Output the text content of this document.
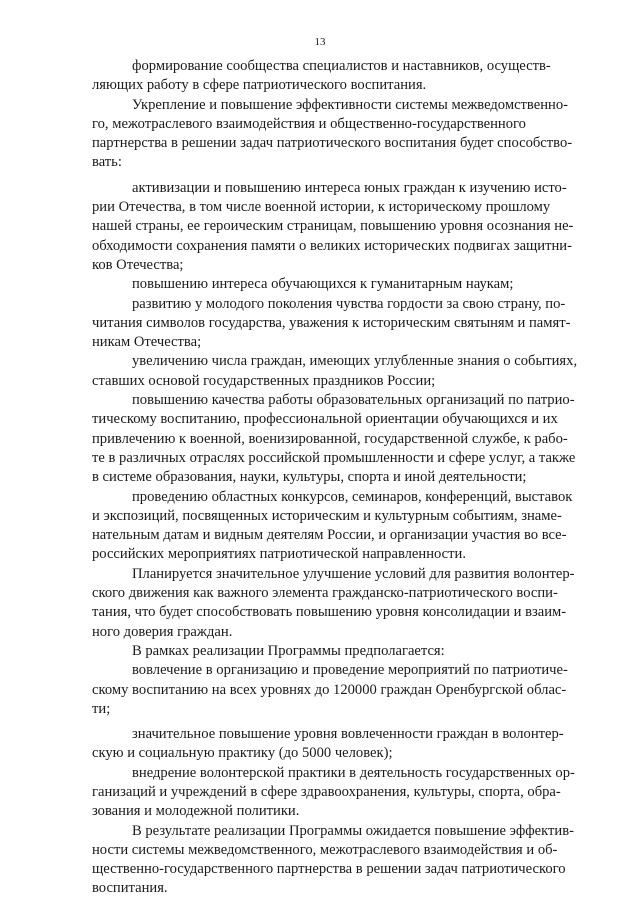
13

формирование сообщества специалистов и наставников, осуществ-
ляющих работу в сфере патриотического воспитания.

Укрепление и повышение эффективности системы межведомственно-
го, межотраслевого взаимодействия и общественно-государственного
партнерства в решении задач патриотического воспитания будет способство-
вать:

активизации и повышению интереса юных граждан к изучению исто-
рии Отечества, в том числе военной истории, к историческому прошлому
нашей страны, ее героическим страницам, повышению уровня осознания не-
обходимости сохранения памяти о великих исторических подвигах защитни-
ков Отечества;

повышению интереса обучающихся к гуманитарным наукам;

развитию у молодого поколения чувства гордости за свою страну, по-
читания символов государства, уважения к историческим святыням и памят-
никам Отечества;

увеличению числа граждан, имеющих углубленные знания о событиях,
ставших основой государственных праздников России;

повышению качества работы образовательных организаций по патрио-
тическому воспитанию, профессиональной ориентации обучающихся и их
привлечению к военной, военизированной, государственной службе, к рабо-
те в различных отраслях российской промышленности и сфере услуг, а также
в системе образования, науки, культуры, спорта и иной деятельности;

проведению областных конкурсов, семинаров, конференций, выставок
и экспозиций, посвященных историческим и культурным событиям, знаме-
нательным датам и видным деятелям России, и организации участия во все-
российских мероприятиях патриотической направленности.

Планируется значительное улучшение условий для развития волонтер-
ского движения как важного элемента гражданско-патриотического воспи-
тания, что будет способствовать повышению уровня консолидации и взаим-
ного доверия граждан.

В рамках реализации Программы предполагается:

вовлечение в организацию и проведение мероприятий по патриотиче-
скому воспитанию на всех уровнях до 120000 граждан Оренбургской облас-
ти;

значительное повышение уровня вовлеченности граждан в волонтер-
скую и социальную практику (до 5000 человек);

внедрение волонтерской практики в деятельность государственных ор-
ганизаций и учреждений в сфере здравоохранения, культуры, спорта, обра-
зования и молодежной политики.

В результате реализации Программы ожидается повышение эффектив-
ности системы межведомственного, межотраслевого взаимодействия и об-
щественно-государственного партнерства в решении задач патриотического
воспитания.
